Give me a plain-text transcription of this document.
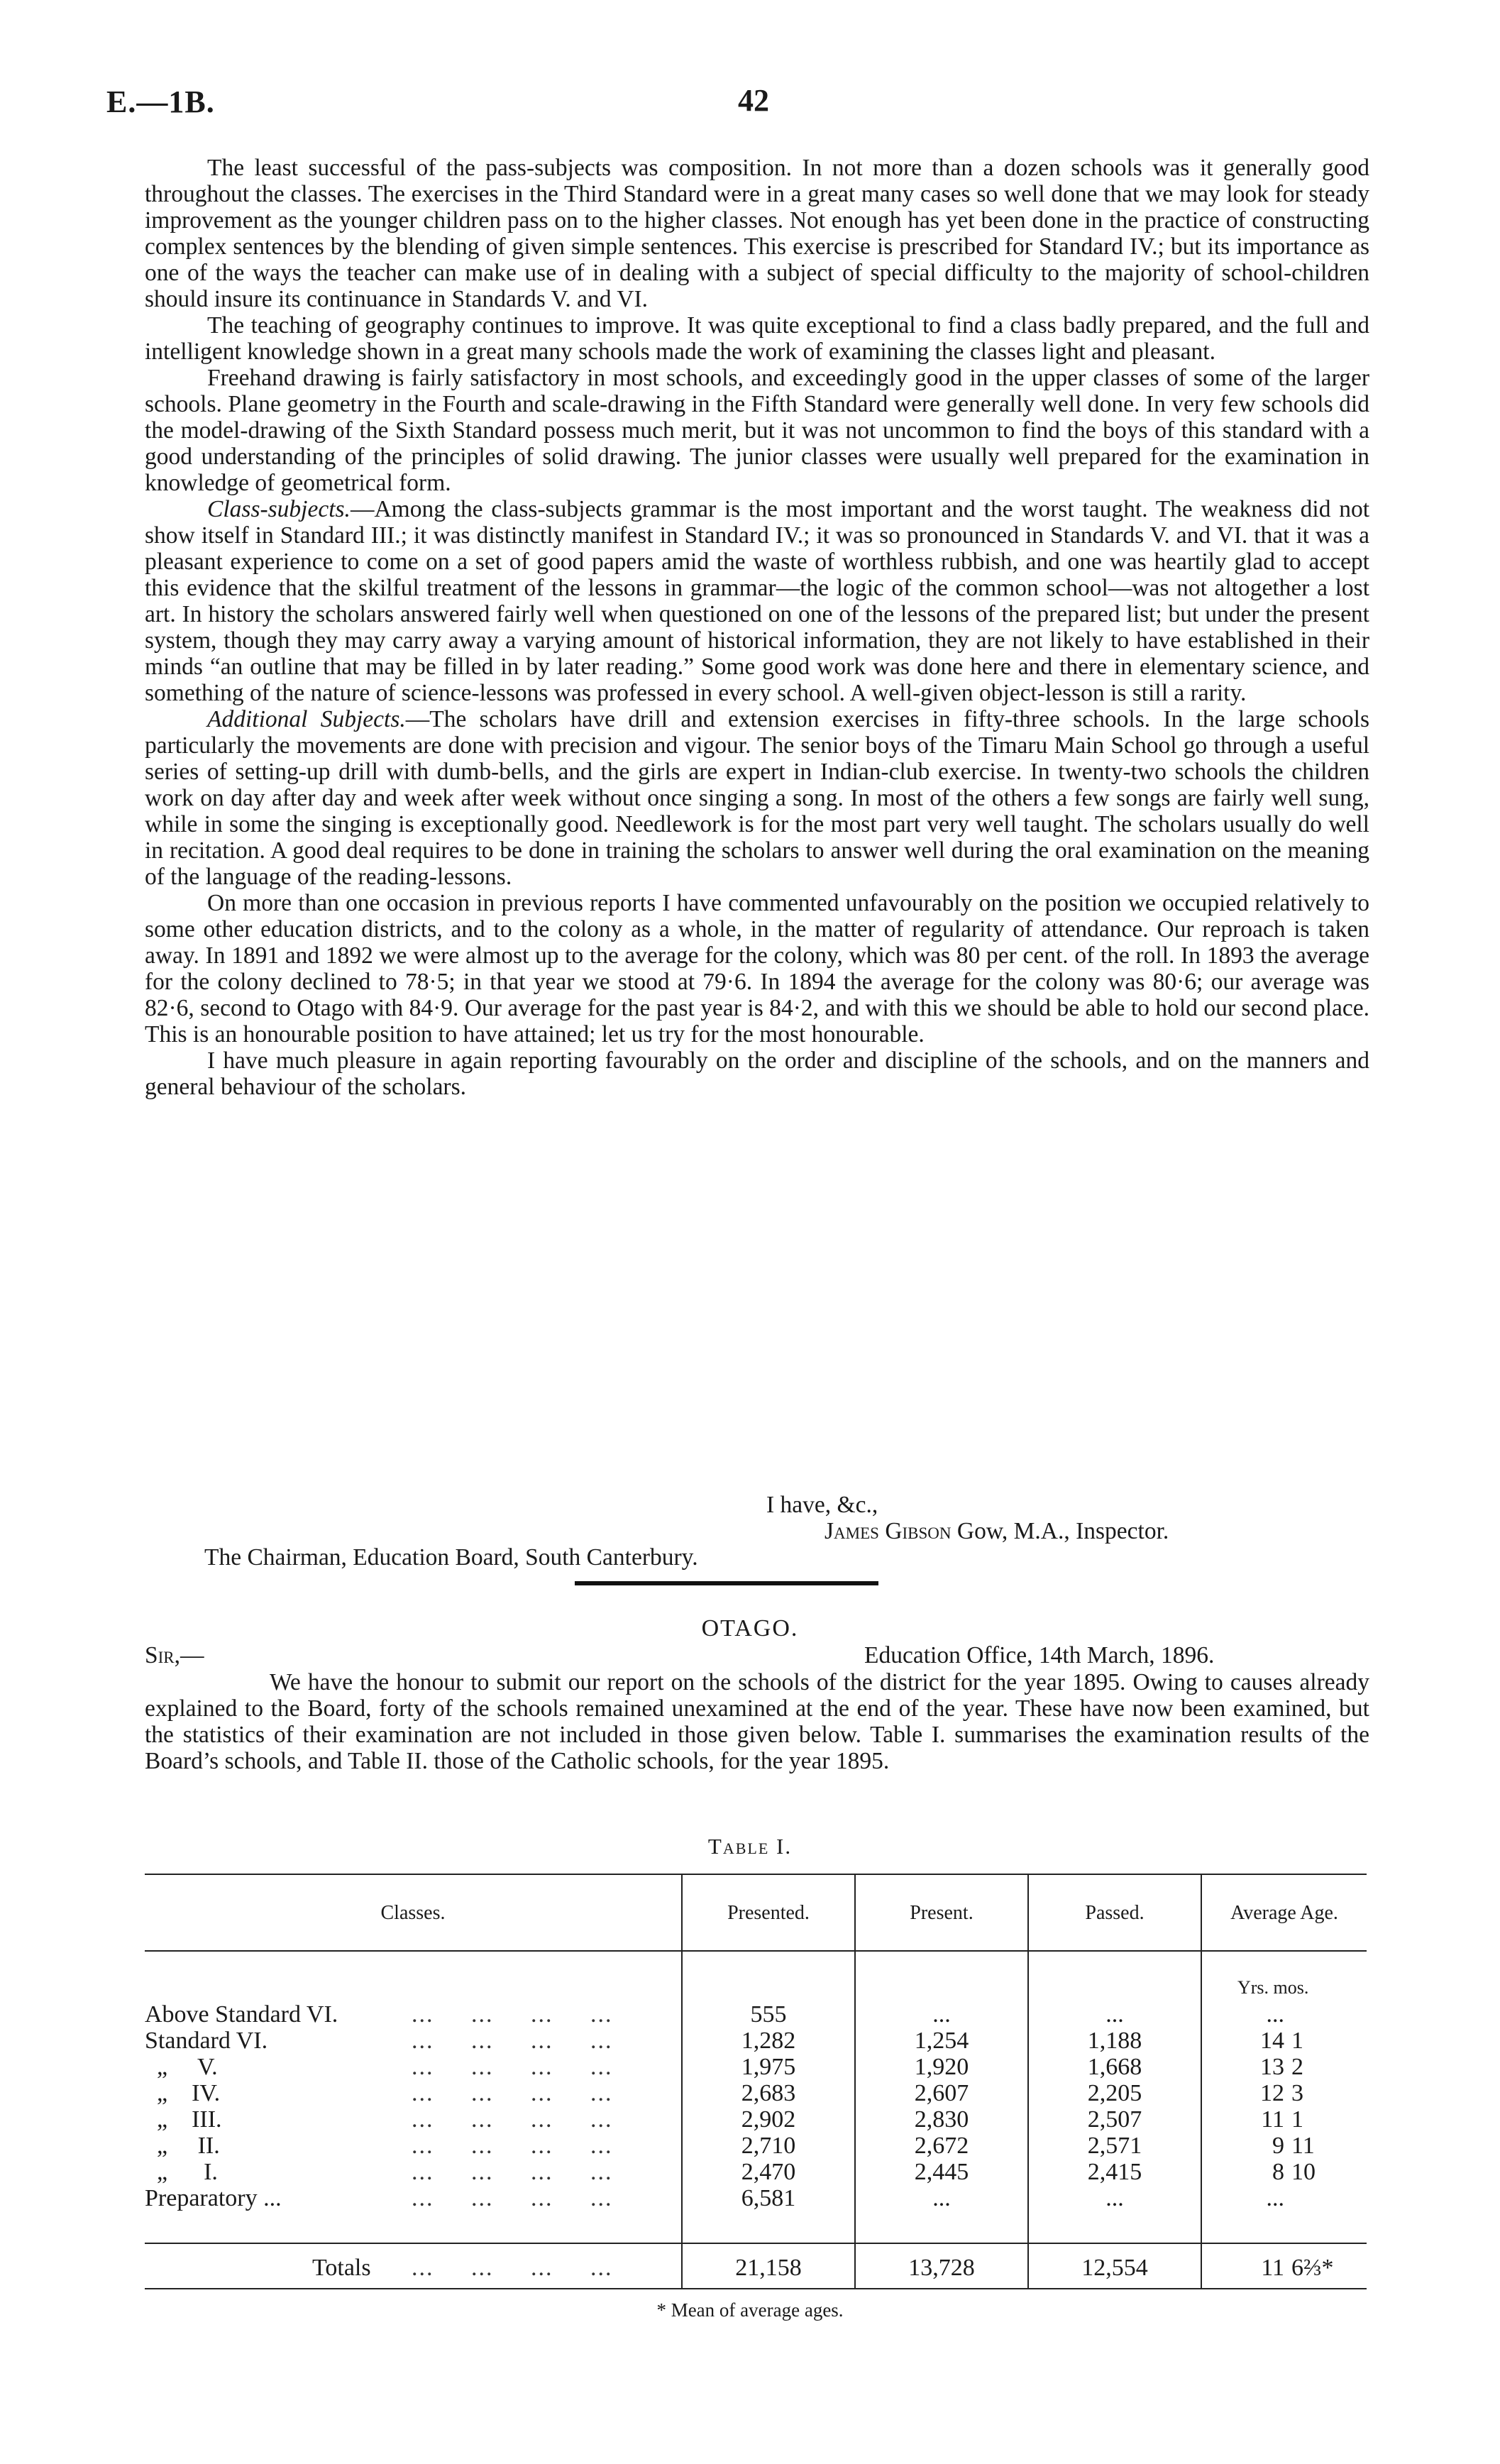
E.—1B.	42

The least successful of the pass-subjects was composition. In not more than a dozen schools was it generally good throughout the classes. The exercises in the Third Standard were in a great many cases so well done that we may look for steady improvement as the younger children pass on to the higher classes. Not enough has yet been done in the practice of constructing complex sentences by the blending of given simple sentences. This exercise is prescribed for Standard IV.; but its importance as one of the ways the teacher can make use of in dealing with a subject of special difficulty to the majority of school-children should insure its continuance in Standards V. and VI.

The teaching of geography continues to improve. It was quite exceptional to find a class badly prepared, and the full and intelligent knowledge shown in a great many schools made the work of examining the classes light and pleasant.

Freehand drawing is fairly satisfactory in most schools, and exceedingly good in the upper classes of some of the larger schools. Plane geometry in the Fourth and scale-drawing in the Fifth Standard were generally well done. In very few schools did the model-drawing of the Sixth Standard possess much merit, but it was not uncommon to find the boys of this standard with a good understanding of the principles of solid drawing. The junior classes were usually well prepared for the examination in knowledge of geometrical form.

Class-subjects.—Among the class-subjects grammar is the most important and the worst taught. The weakness did not show itself in Standard III.; it was distinctly manifest in Standard IV.; it was so pronounced in Standards V. and VI. that it was a pleasant experience to come on a set of good papers amid the waste of worthless rubbish, and one was heartily glad to accept this evidence that the skilful treatment of the lessons in grammar—the logic of the common school—was not altogether a lost art. In history the scholars answered fairly well when questioned on one of the lessons of the prepared list; but under the present system, though they may carry away a varying amount of historical information, they are not likely to have established in their minds “an outline that may be filled in by later reading.” Some good work was done here and there in elementary science, and something of the nature of science-lessons was professed in every school. A well-given object-lesson is still a rarity.

Additional Subjects.—The scholars have drill and extension exercises in fifty-three schools. In the large schools particularly the movements are done with precision and vigour. The senior boys of the Timaru Main School go through a useful series of setting-up drill with dumb-bells, and the girls are expert in Indian-club exercise. In twenty-two schools the children work on day after day and week after week without once singing a song. In most of the others a few songs are fairly well sung, while in some the singing is exceptionally good. Needlework is for the most part very well taught. The scholars usually do well in recitation. A good deal requires to be done in training the scholars to answer well during the oral examination on the meaning of the language of the reading-lessons.

On more than one occasion in previous reports I have commented unfavourably on the position we occupied relatively to some other education districts, and to the colony as a whole, in the matter of regularity of attendance. Our reproach is taken away. In 1891 and 1892 we were almost up to the average for the colony, which was 80 per cent. of the roll. In 1893 the average for the colony declined to 78·5; in that year we stood at 79·6. In 1894 the average for the colony was 80·6; our average was 82·6, second to Otago with 84·9. Our average for the past year is 84·2, and with this we should be able to hold our second place. This is an honourable position to have attained; let us try for the most honourable.

I have much pleasure in again reporting favourably on the order and discipline of the schools, and on the manners and general behaviour of the scholars.

I have, &c.,
James Gibson Gow, M.A., Inspector.
The Chairman, Education Board, South Canterbury.
OTAGO.
Sir,—	Education Office, 14th March, 1896.

We have the honour to submit our report on the schools of the district for the year 1895. Owing to causes already explained to the Board, forty of the schools remained unexamined at the end of the year. These have now been examined, but the statistics of their examination are not included in those given below. Table I. summarises the examination results of the Board’s schools, and Table II. those of the Catholic schools, for the year 1895.

Table I.
Classes.	Presented.	Present.	Passed.	Average Age.
Yrs. mos.
Above Standard VI.	555	...	...	...
...     ...     ...     ...
Standard VI.	1,282	1,254	1,188	14 1
...     ...     ...     ...
„     V.	1,975	1,920	1,668	13 2
...     ...     ...     ...
„    IV.	2,683	2,607	2,205	12 3
...     ...     ...     ...
„    III.	2,902	2,830	2,507	11 1
...     ...     ...     ...
„     II.	2,710	2,672	2,571	9 11
...     ...     ...     ...
„      I.	2,470	2,445	2,415	8 10
...     ...     ...     ...
Preparatory ...	6,581	...	...	...
...     ...     ...     ...
Totals	21,158	13,728	12,554	11 6⅔*
...     ...     ...     ...
* Mean of average ages.
